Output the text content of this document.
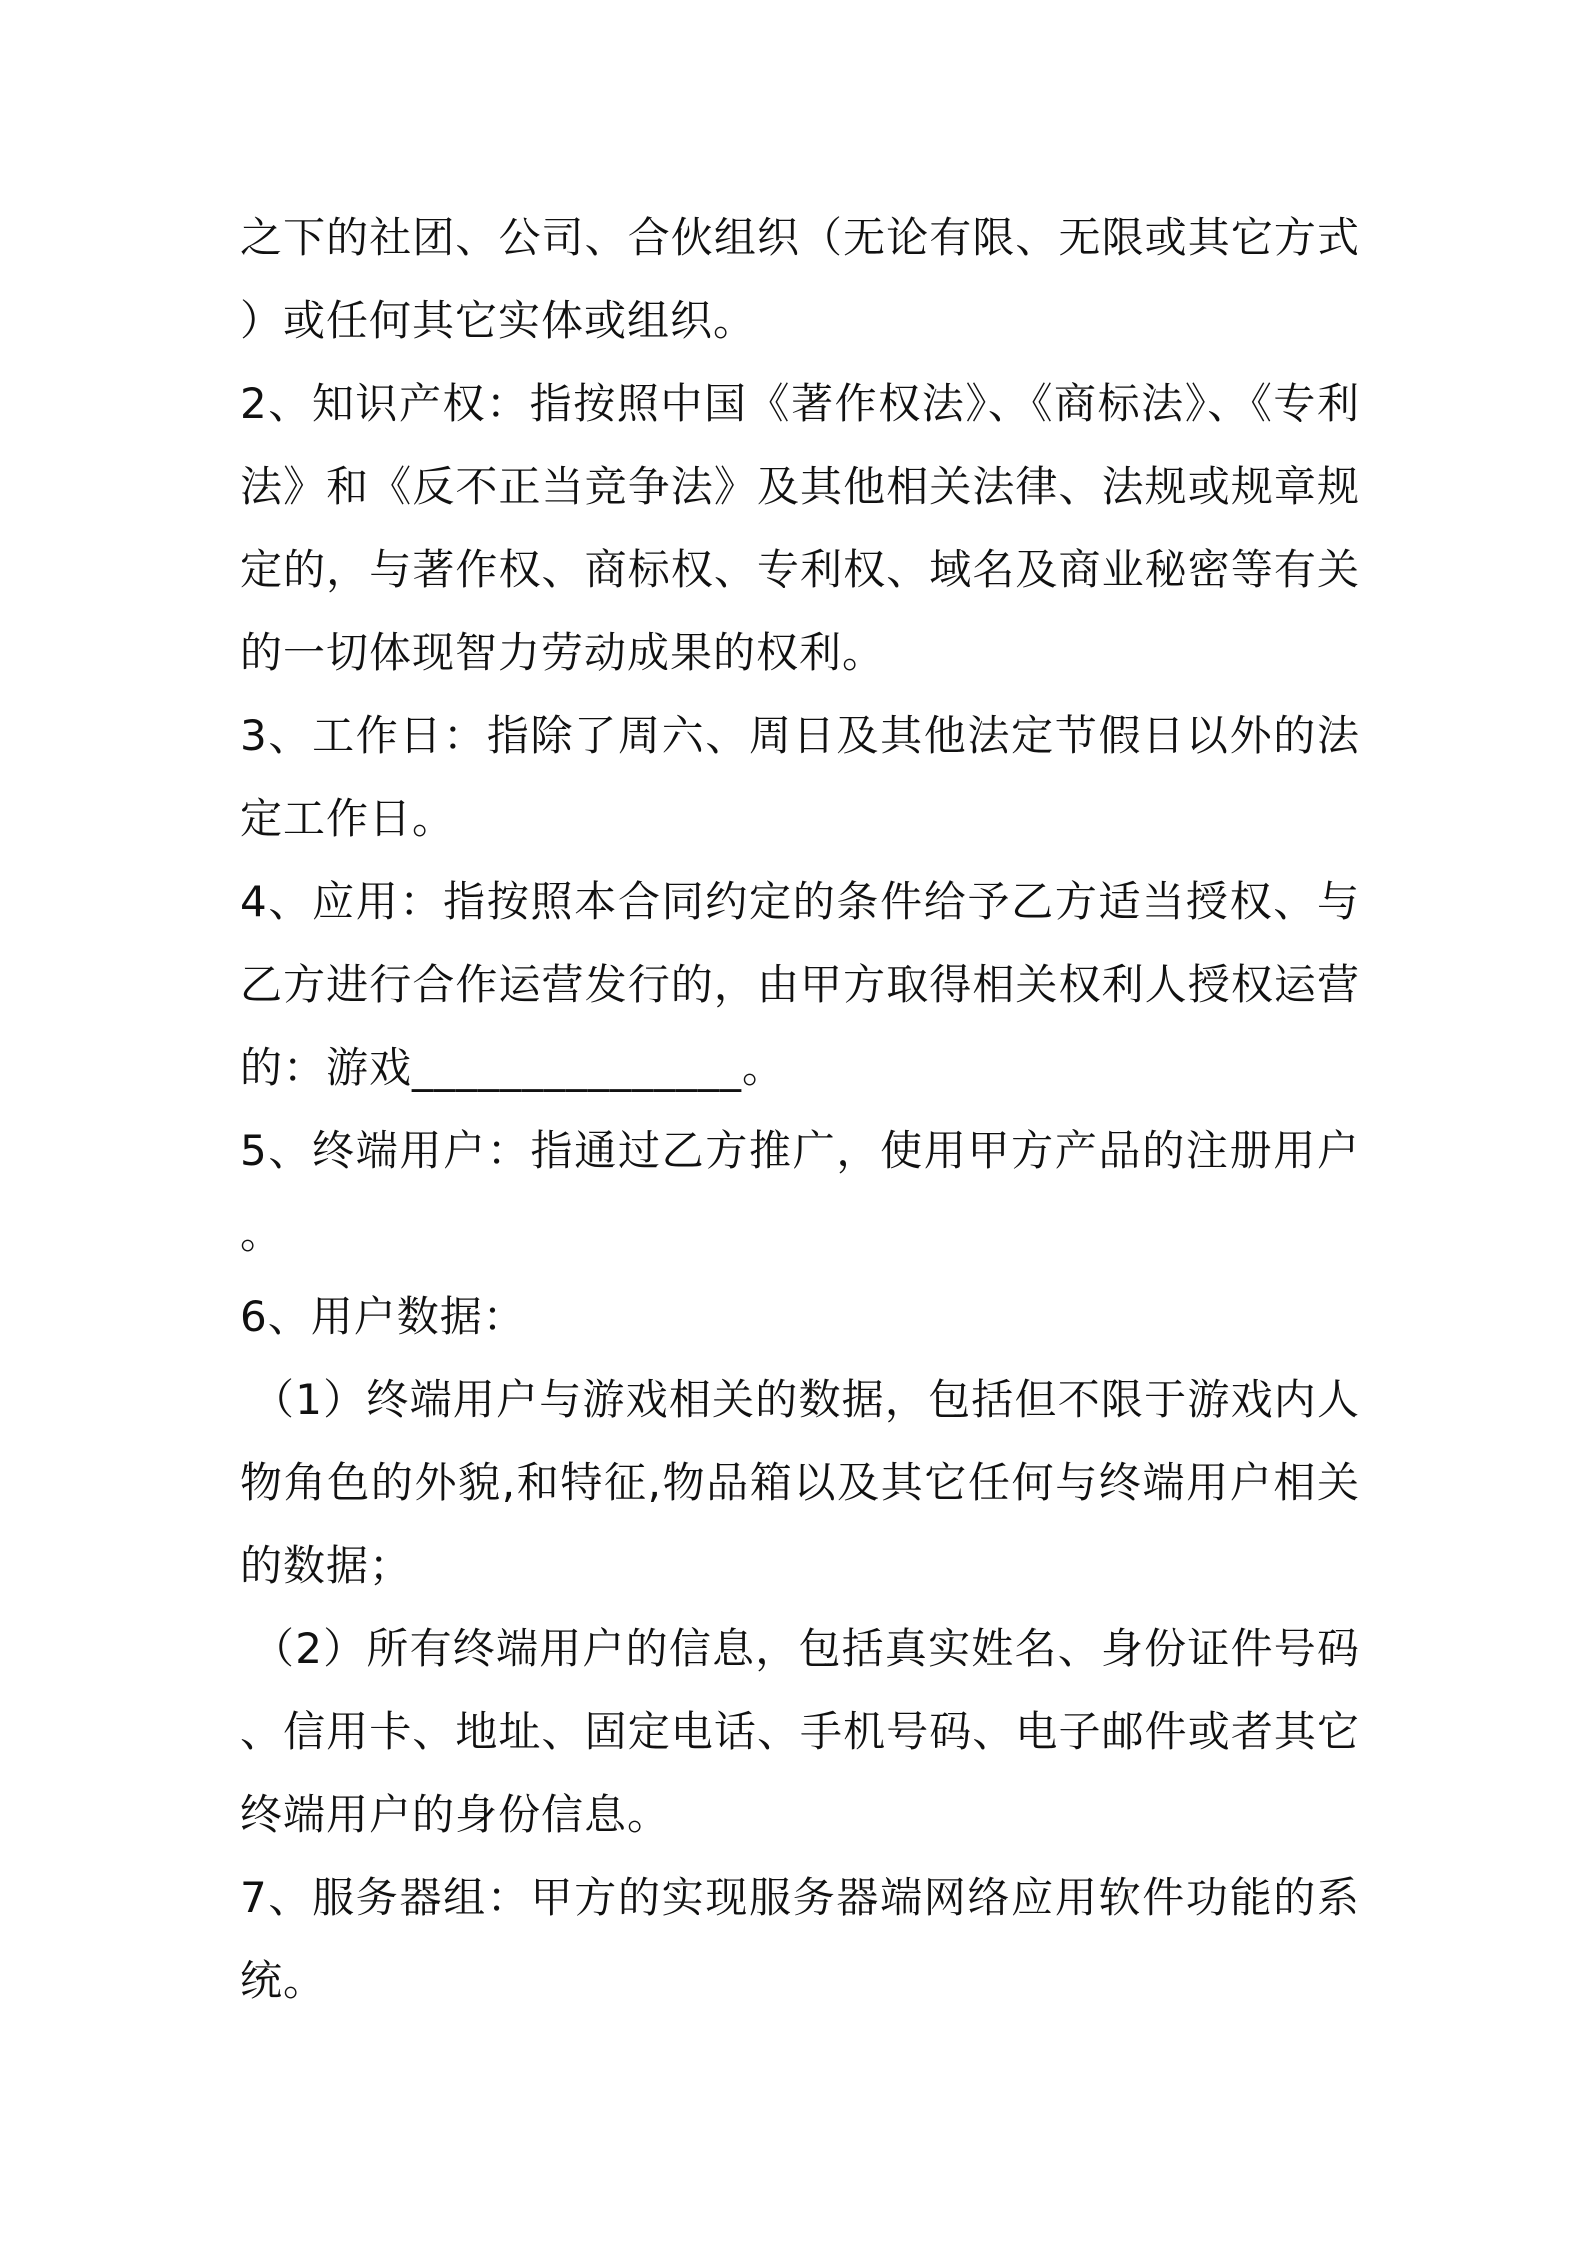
之下的社团、公司、合伙组织（无论有限、无限或其它方式
）或任何其它实体或组织。
2、知识产权：指按照中国《著作权法》、《商标法》、《专利
法》和《反不正当竞争法》及其他相关法律、法规或规章规
定的，与著作权、商标权、专利权、域名及商业秘密等有关
的一切体现智力劳动成果的权利。
3、工作日：指除了周六、周日及其他法定节假日以外的法
定工作日。
4、应用：指按照本合同约定的条件给予乙方适当授权、与
乙方进行合作运营发行的，由甲方取得相关权利人授权运营
的：游戏_______________。
5、终端用户：指通过乙方推广，使用甲方产品的注册用户
。
6、用户数据：
（1）终端用户与游戏相关的数据，包括但不限于游戏内人
物角色的外貌,和特征,物品箱以及其它任何与终端用户相关
的数据；
（2）所有终端用户的信息，包括真实姓名、身份证件号码
、信用卡、地址、固定电话、手机号码、电子邮件或者其它
终端用户的身份信息。
7、服务器组：甲方的实现服务器端网络应用软件功能的系
统。
